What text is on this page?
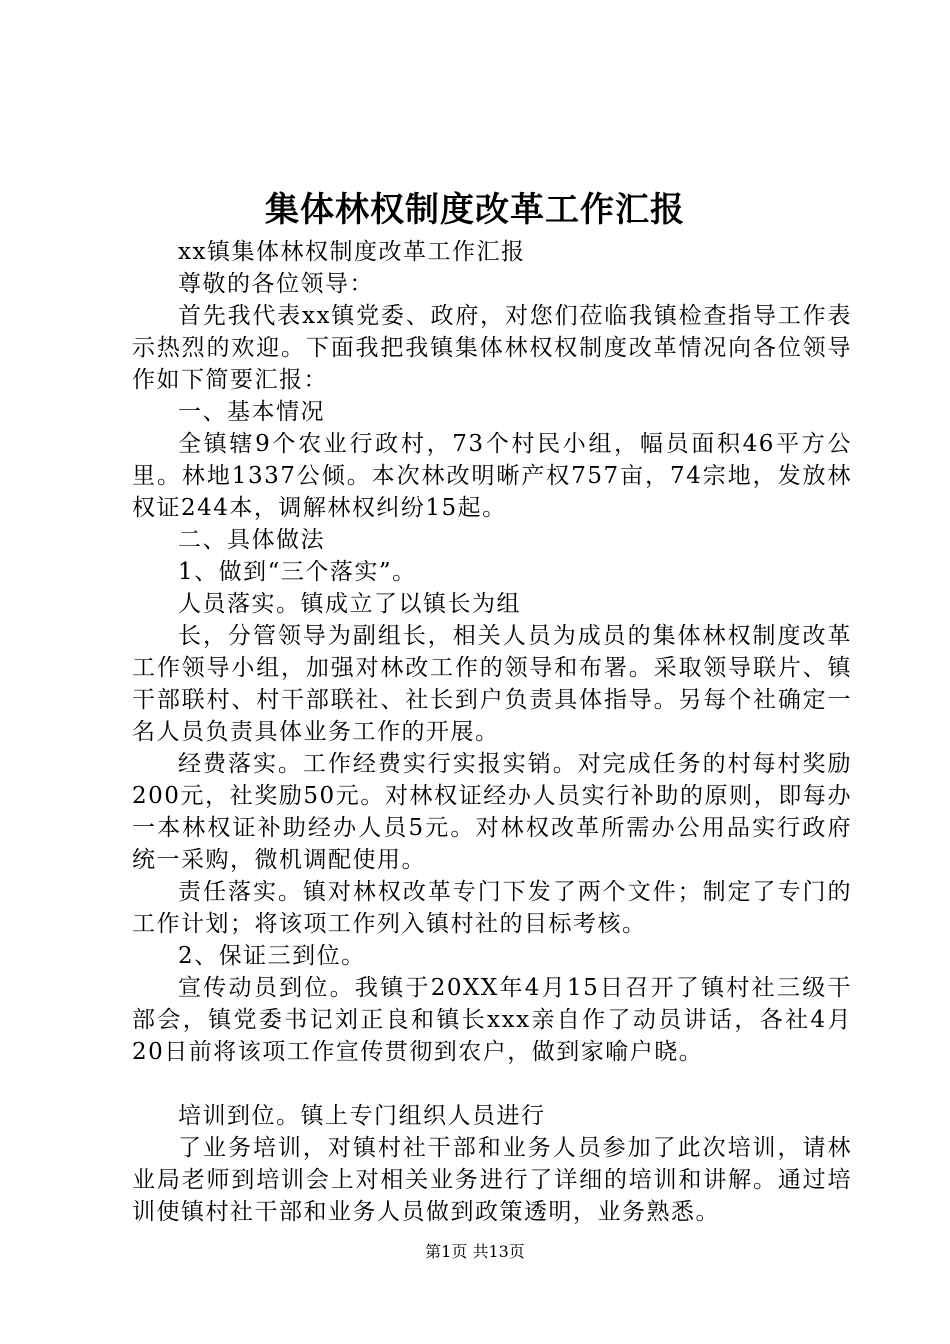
集体林权制度改革工作汇报

xx镇集体林权制度改革工作汇报

尊敬的各位领导：

首先我代表xx镇党委、政府，对您们莅临我镇检查指导工作表示热烈的欢迎。下面我把我镇集体林权权制度改革情况向各位领导作如下简要汇报：

一、基本情况

全镇辖9个农业行政村，73个村民小组，幅员面积46平方公里。林地1337公倾。本次林改明晰产权757亩，74宗地，发放林权证244本，调解林权纠纷15起。

二、具体做法

1、做到“三个落实”。

人员落实。镇成立了以镇长为组

长，分管领导为副组长，相关人员为成员的集体林权制度改革工作领导小组，加强对林改工作的领导和布署。采取领导联片、镇干部联村、村干部联社、社长到户负责具体指导。另每个社确定一名人员负责具体业务工作的开展。

经费落实。工作经费实行实报实销。对完成任务的村每村奖励200元，社奖励50元。对林权证经办人员实行补助的原则，即每办一本林权证补助经办人员5元。对林权改革所需办公用品实行政府统一采购，微机调配使用。

责任落实。镇对林权改革专门下发了两个文件；制定了专门的工作计划；将该项工作列入镇村社的目标考核。

2、保证三到位。

宣传动员到位。我镇于20XX年4月15日召开了镇村社三级干部会，镇党委书记刘正良和镇长xxx亲自作了动员讲话，各社4月20日前将该项工作宣传贯彻到农户，做到家喻户晓。

培训到位。镇上专门组织人员进行

了业务培训，对镇村社干部和业务人员参加了此次培训，请林业局老师到培训会上对相关业务进行了详细的培训和讲解。通过培训使镇村社干部和业务人员做到政策透明，业务熟悉。

第1页 共13页
